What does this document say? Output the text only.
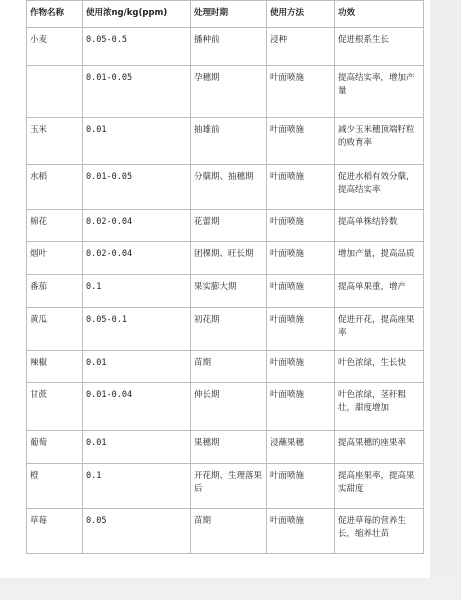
作物名称	使用浓ng/kg(ppm)	处理时期	使用方法	功效
小麦	0.05-0.5	播种前	浸种	促进根系生长
	0.01-0.05	孕穗期	叶面喷施	提高结实率，增加产量
玉米	0.01	抽雄前	叶面喷施	减少玉米穗顶端籽粒的败育率
水稻	0.01-0.05	分蘖期、抽穗期	叶面喷施	促进水稻有效分蘖，提高结实率
棉花	0.02-0.04	花蕾期	叶面喷施	提高单株结铃数
烟叶	0.02-0.04	团棵期、旺长期	叶面喷施	增加产量，提高品质
番茄	0.1	果实膨大期	叶面喷施	提高单果重，增产
黄瓜	0.05-0.1	初花期	叶面喷施	促进开花，提高座果率
辣椒	0.01	苗期	叶面喷施	叶色浓绿，生长快
甘蔗	0.01-0.04	伸长期	叶面喷施	叶色浓绿，茎秆粗壮，甜度增加
葡萄	0.01	果穗期	浸蘸果穗	提高果穗的座果率
橙	0.1	开花期、生理落果后	叶面喷施	提高座果率，提高果实甜度
草莓	0.05	苗期	叶面喷施	促进草莓的营养生长，缩养壮苗
